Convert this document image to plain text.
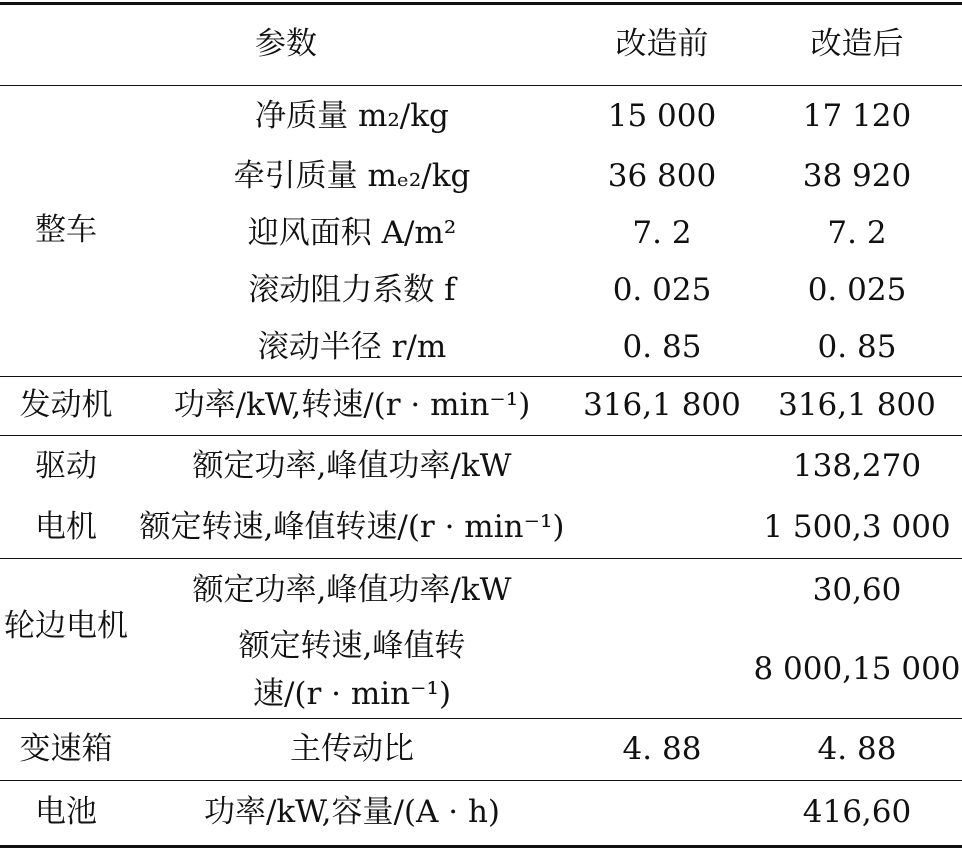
参数		改造前	改造后
整车	净质量 m₂/kg	15 000	17 120
	牵引质量 mₑ₂/kg	36 800	38 920
	迎风面积 A/m²	7. 2	7. 2
	滚动阻力系数 f	0. 025	0. 025
	滚动半径 r/m	0. 85	0. 85
发动机	功率/kW,转速/(r · min⁻¹)	316,1 800	316,1 800
驱动	额定功率,峰值功率/kW		138,270
电机	额定转速,峰值转速/(r · min⁻¹)		1 500,3 000
轮边电机	额定功率,峰值功率/kW		30,60
	额定转速,峰值转速/(r · min⁻¹)		8 000,15 000
变速箱	主传动比	4. 88	4. 88
电池	功率/kW,容量/(A · h)		416,60
